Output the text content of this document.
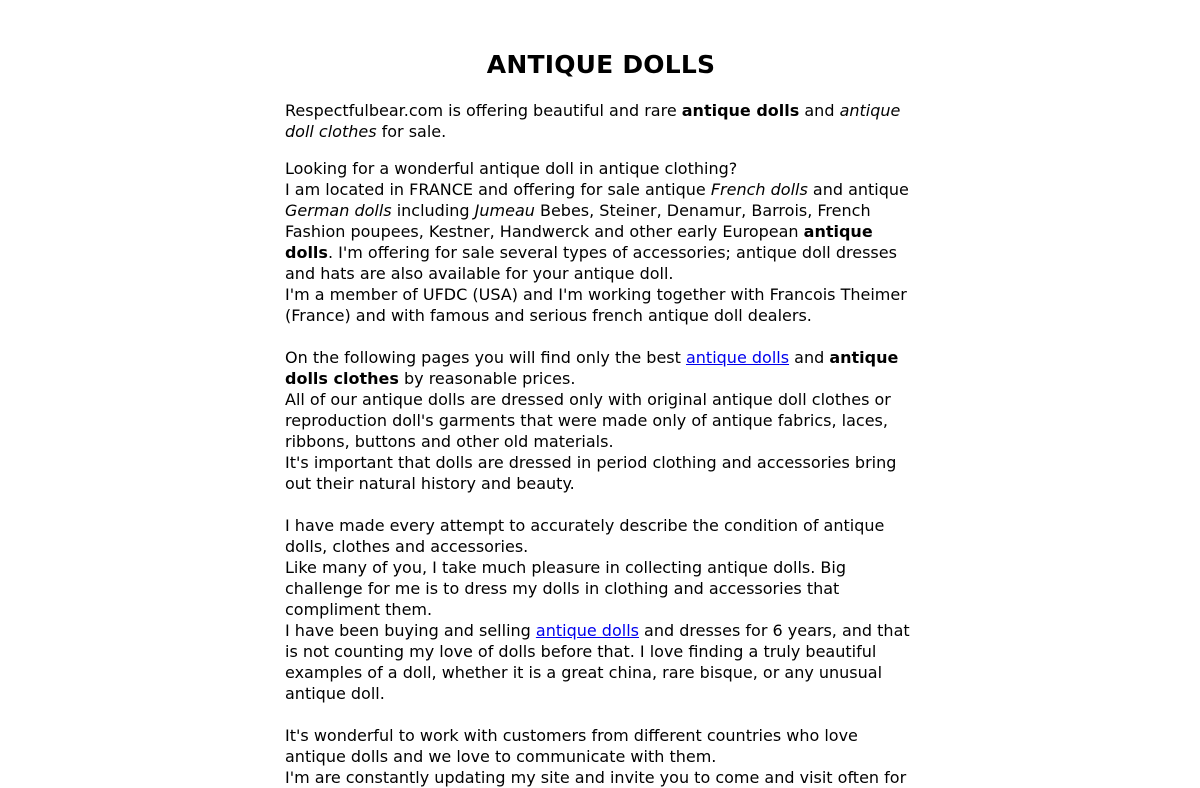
ANTIQUE DOLLS
Respectfulbear.com is offering beautiful and rare antique dolls and antique doll clothes for sale.
Looking for a wonderful antique doll in antique clothing?
I am located in FRANCE and offering for sale antique French dolls and antique German dolls including Jumeau Bebes, Steiner, Denamur, Barrois, French Fashion poupees, Kestner, Handwerck and other early European antique dolls. I'm offering for sale several types of accessories; antique doll dresses and hats are also available for your antique doll.
I'm a member of UFDC (USA) and I'm working together with Francois Theimer (France) and with famous and serious french antique doll dealers.
On the following pages you will find only the best antique dolls and antique dolls clothes by reasonable prices.
All of our antique dolls are dressed only with original antique doll clothes or reproduction doll's garments that were made only of antique fabrics, laces, ribbons, buttons and other old materials.
It's important that dolls are dressed in period clothing and accessories bring out their natural history and beauty.
I have made every attempt to accurately describe the condition of antique dolls, clothes and accessories.
Like many of you, I take much pleasure in collecting antique dolls. Big challenge for me is to dress my dolls in clothing and accessories that compliment them.
I have been buying and selling antique dolls and dresses for 6 years, and that is not counting my love of dolls before that. I love finding a truly beautiful examples of a doll, whether it is a great china, rare bisque, or any unusual antique doll.
It's wonderful to work with customers from different countries who love antique dolls and we love to communicate with them.
I'm are constantly updating my site and invite you to come and visit often for
